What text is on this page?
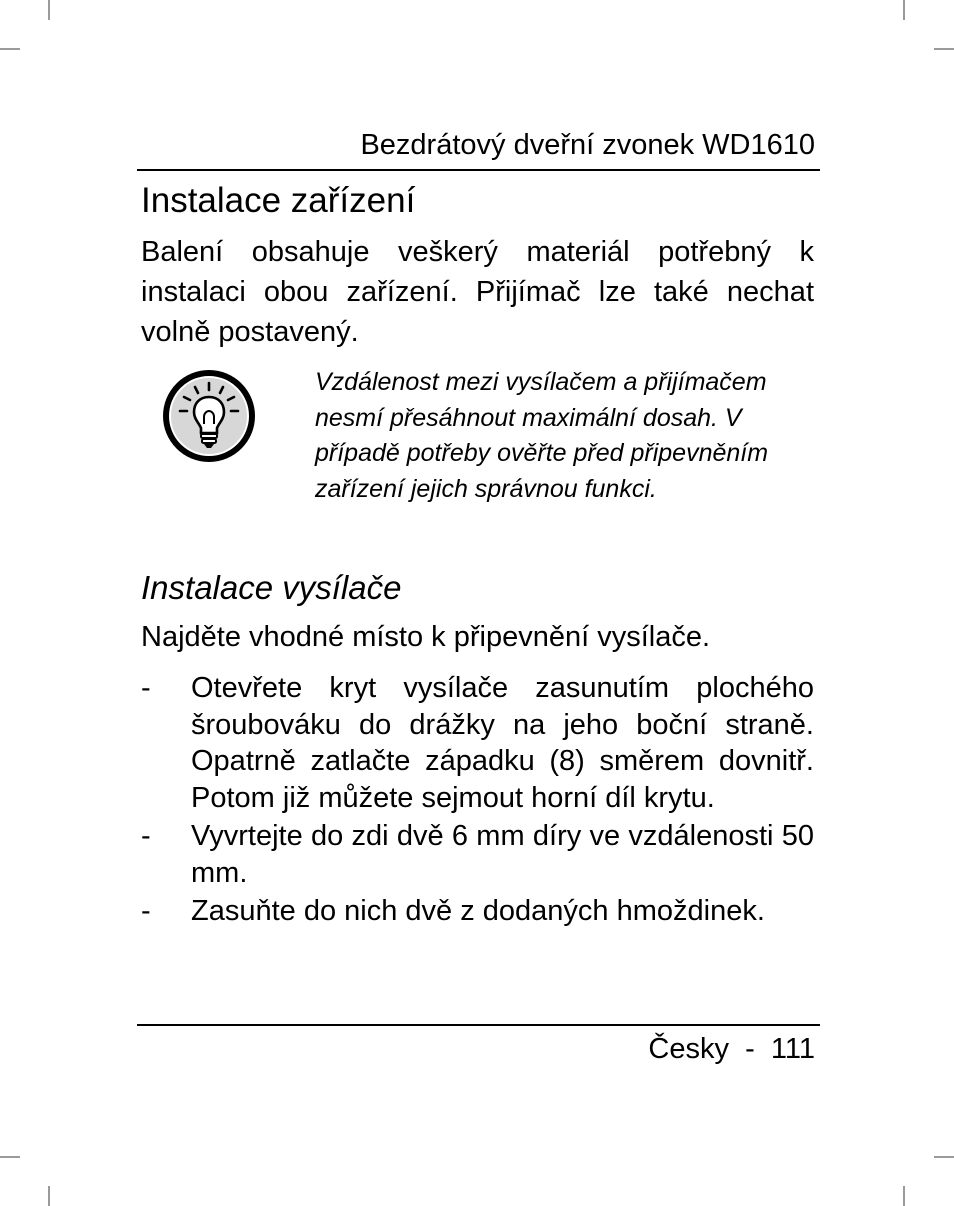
Bezdrátový dveřní zvonek WD1610
Instalace zařízení

Balení obsahuje veškerý materiál potřebný k instalaci obou zařízení. Přijímač lze také nechat volně postavený.

Vzdálenost mezi vysílačem a přijímačem nesmí přesáhnout maximální dosah. V případě potřeby ověřte před připevněním zařízení jejich správnou funkci.

Instalace vysílače

Najděte vhodné místo k připevnění vysílače.

- Otevřete kryt vysílače zasunutím plochého šroubováku do drážky na jeho boční straně. Opatrně zatlačte západku (8) směrem dovnitř. Potom již můžete sejmout horní díl krytu.
- Vyvrtejte do zdi dvě 6 mm díry ve vzdálenosti 50 mm.
- Zasuňte do nich dvě z dodaných hmoždinek.
Česky - 111
